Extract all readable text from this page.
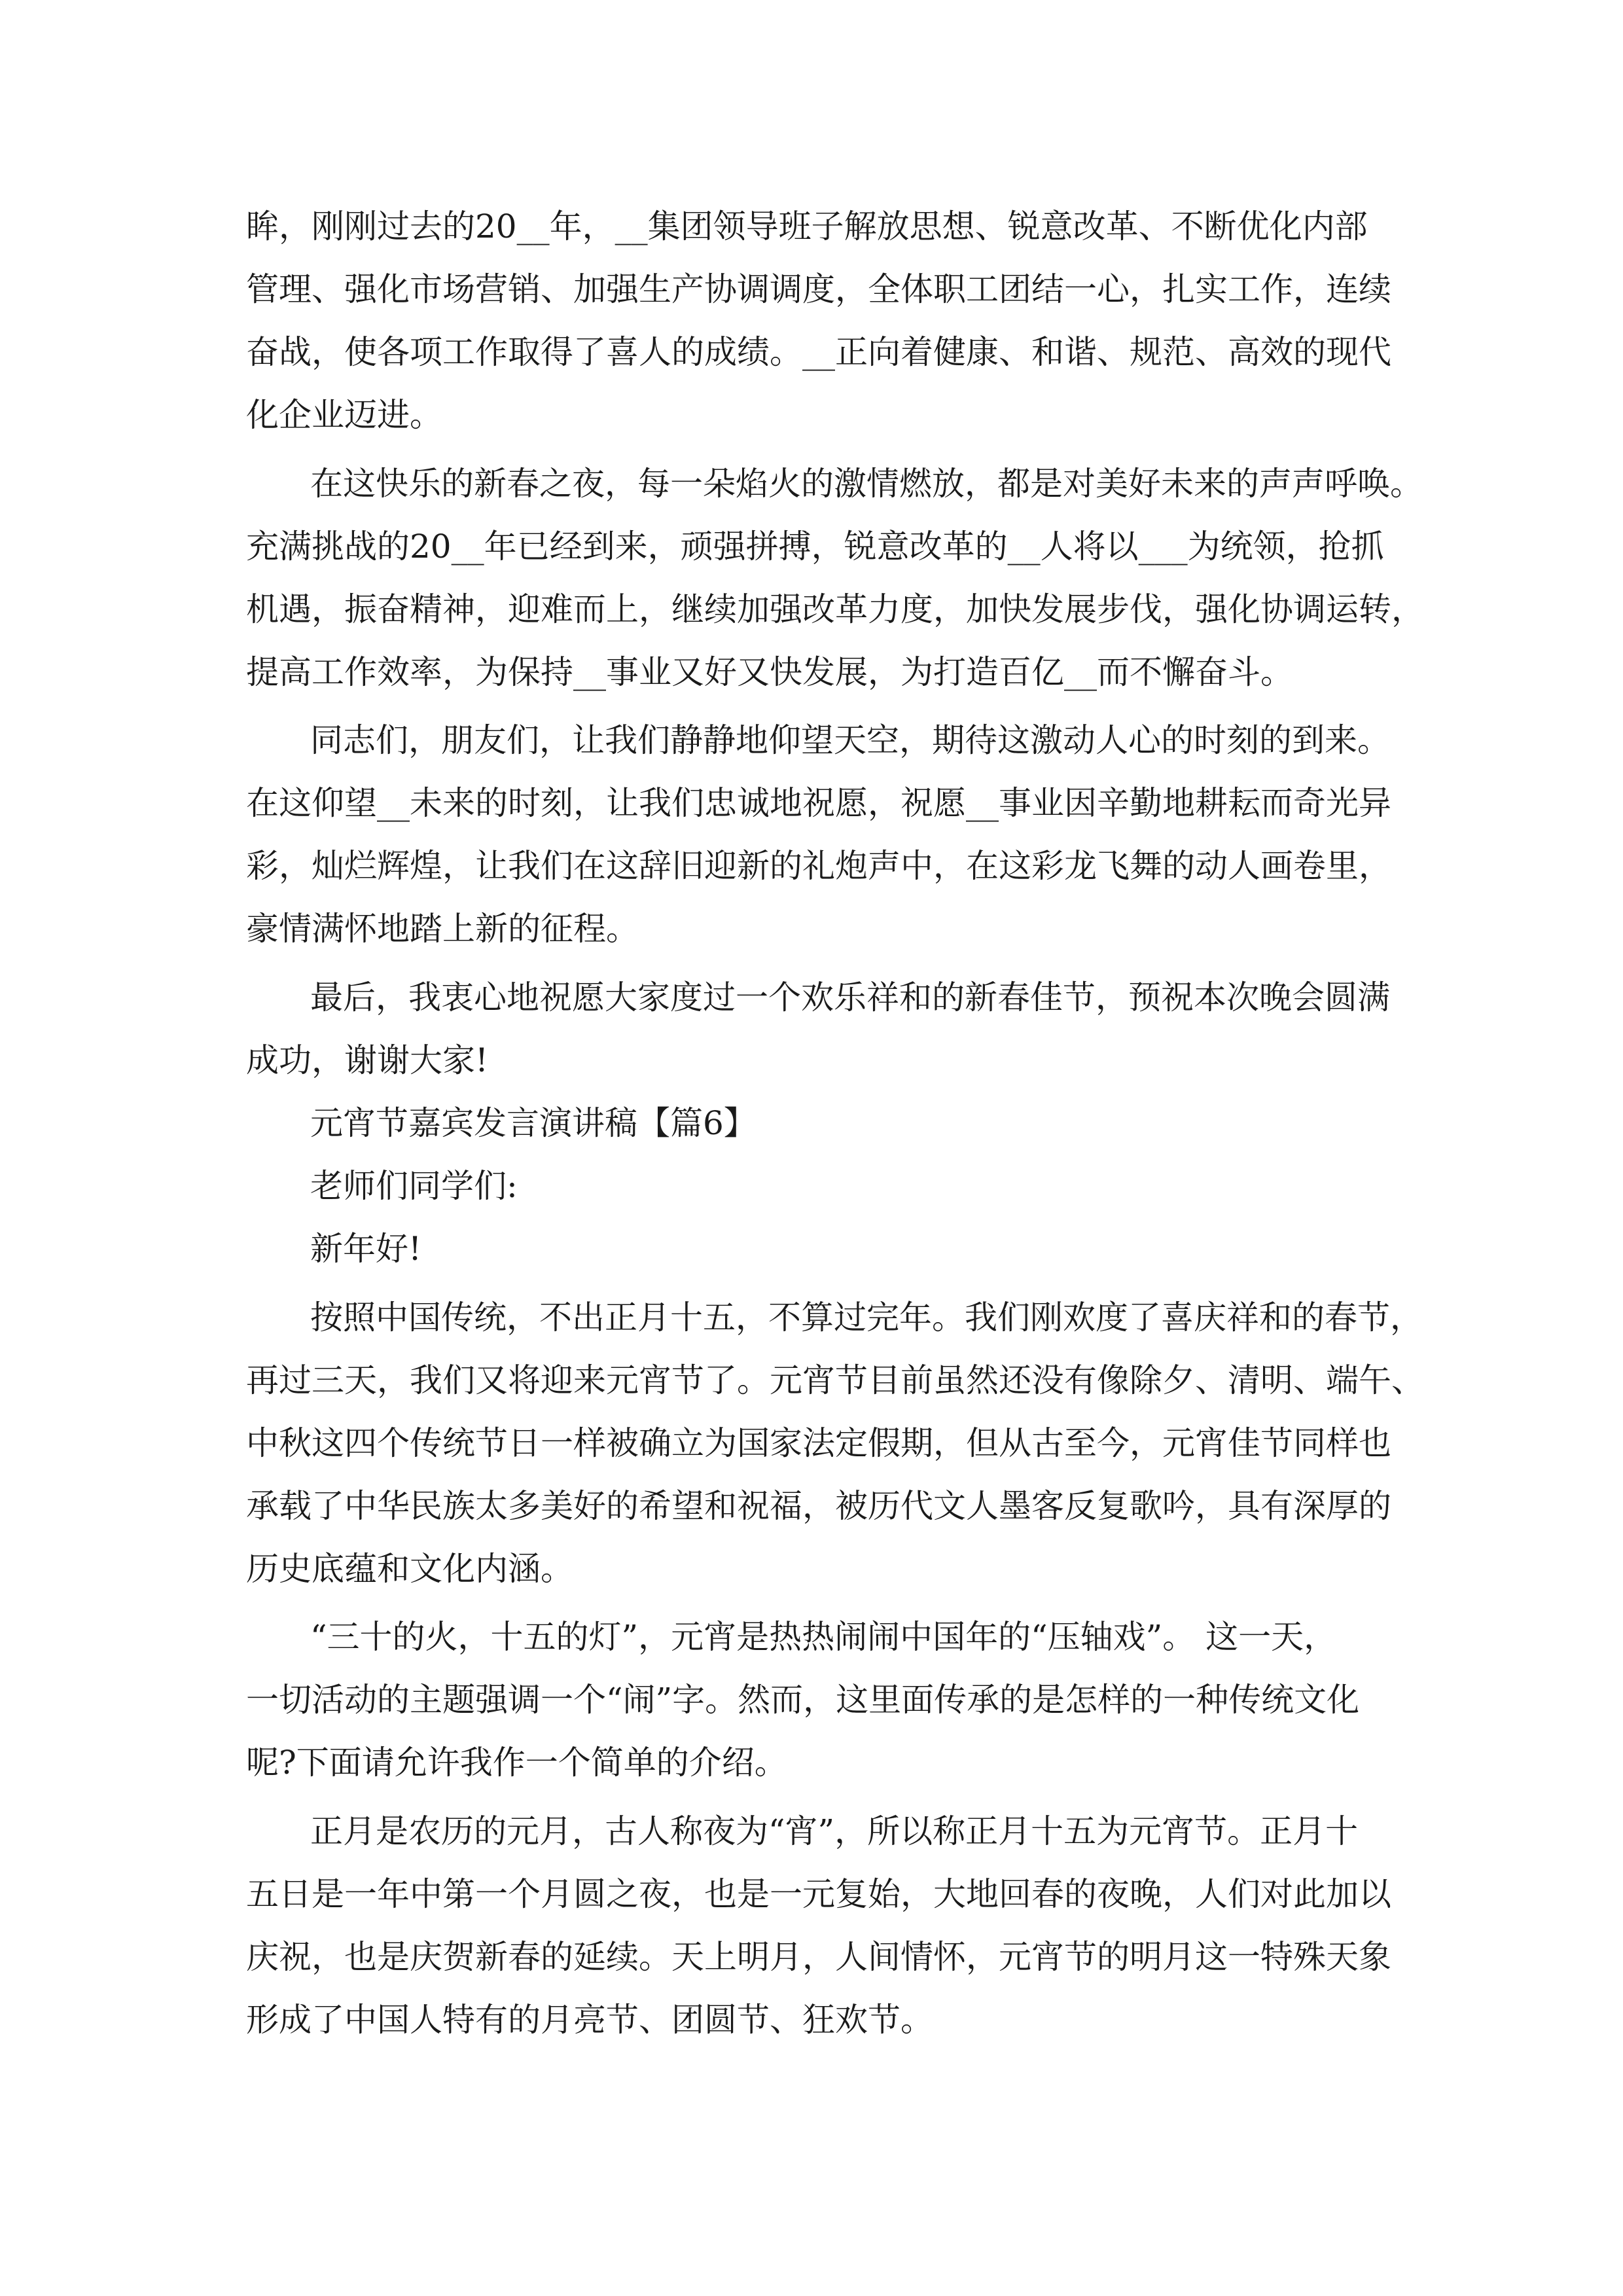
眸，刚刚过去的20__年，__集团领导班子解放思想、锐意改革、不断优化内部
管理、强化市场营销、加强生产协调调度，全体职工团结一心，扎实工作，连续
奋战，使各项工作取得了喜人的成绩。__正向着健康、和谐、规范、高效的现代
化企业迈进。
在这快乐的新春之夜，每一朵焰火的激情燃放，都是对美好未来的声声呼唤。
充满挑战的20__年已经到来，顽强拼搏，锐意改革的__人将以___为统领，抢抓
机遇，振奋精神，迎难而上，继续加强改革力度，加快发展步伐，强化协调运转，
提高工作效率，为保持__事业又好又快发展，为打造百亿__而不懈奋斗。
同志们，朋友们，让我们静静地仰望天空，期待这激动人心的时刻的到来。
在这仰望__未来的时刻，让我们忠诚地祝愿，祝愿__事业因辛勤地耕耘而奇光异
彩，灿烂辉煌，让我们在这辞旧迎新的礼炮声中，在这彩龙飞舞的动人画卷里，
豪情满怀地踏上新的征程。
最后，我衷心地祝愿大家度过一个欢乐祥和的新春佳节，预祝本次晚会圆满
成功，谢谢大家!
元宵节嘉宾发言演讲稿【篇6】
老师们同学们:
新年好!
按照中国传统，不出正月十五，不算过完年。我们刚欢度了喜庆祥和的春节，
再过三天，我们又将迎来元宵节了。元宵节目前虽然还没有像除夕、清明、端午、
中秋这四个传统节日一样被确立为国家法定假期，但从古至今，元宵佳节同样也
承载了中华民族太多美好的希望和祝福，被历代文人墨客反复歌吟，具有深厚的
历史底蕴和文化内涵。
“三十的火，十五的灯”，元宵是热热闹闹中国年的“压轴戏”。 这一天，
一切活动的主题强调一个“闹”字。然而，这里面传承的是怎样的一种传统文化
呢?下面请允许我作一个简单的介绍。
正月是农历的元月，古人称夜为“宵”，所以称正月十五为元宵节。正月十
五日是一年中第一个月圆之夜，也是一元复始，大地回春的夜晚，人们对此加以
庆祝，也是庆贺新春的延续。天上明月，人间情怀，元宵节的明月这一特殊天象
形成了中国人特有的月亮节、团圆节、狂欢节。
